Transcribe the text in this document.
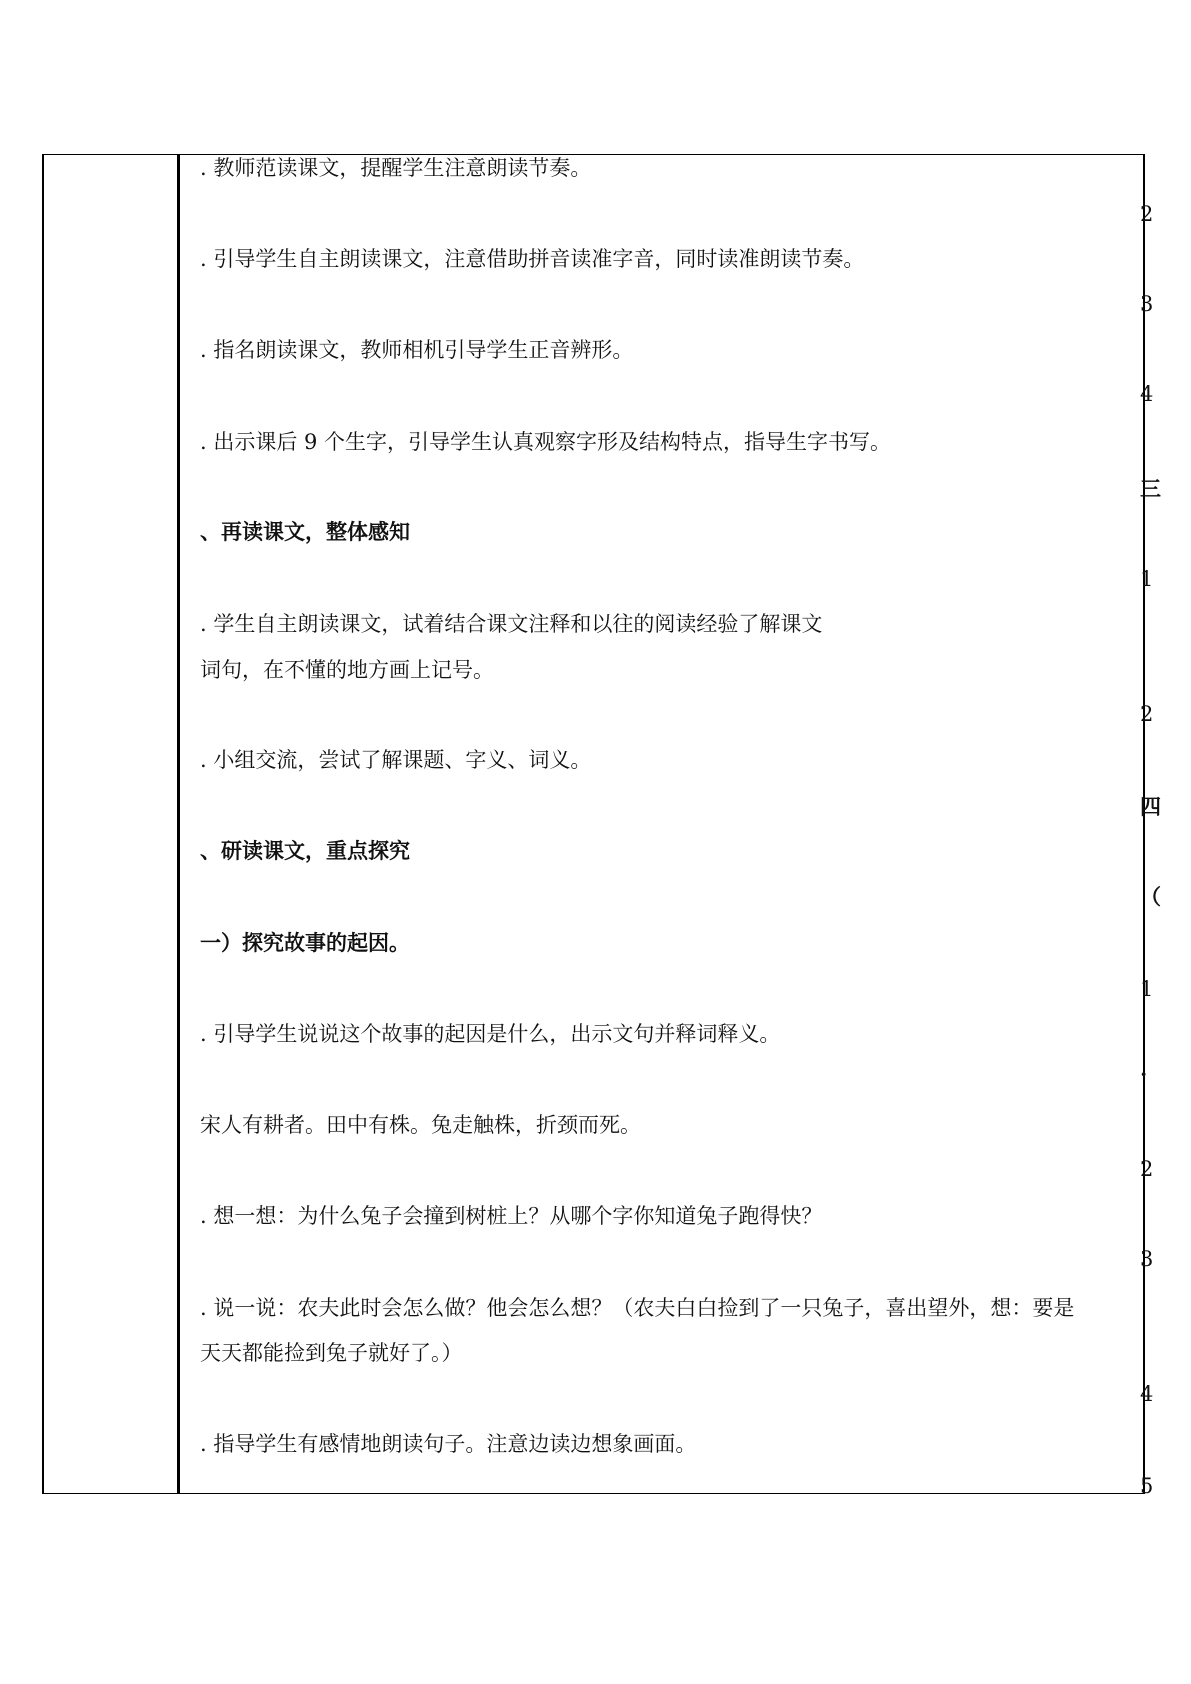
. 教师范读课文，提醒学生注意朗读节奏。
. 引导学生自主朗读课文，注意借助拼音读准字音，同时读准朗读节奏。
. 指名朗读课文，教师相机引导学生正音辨形。
. 出示课后 9 个生字，引导学生认真观察字形及结构特点，指导生字书写。
、再读课文，整体感知
. 学生自主朗读课文，试着结合课文注释和以往的阅读经验了解课文
词句，在不懂的地方画上记号。
. 小组交流，尝试了解课题、字义、词义。
、研读课文，重点探究
一）探究故事的起因。
. 引导学生说说这个故事的起因是什么，出示文句并释词释义。
宋人有耕者。田中有株。兔走触株，折颈而死。
. 想一想：为什么兔子会撞到树桩上？从哪个字你知道兔子跑得快？
. 说一说：农夫此时会怎么做？他会怎么想？（农夫白白捡到了一只兔子，喜出望外，想：要是
天天都能捡到兔子就好了。）
. 指导学生有感情地朗读句子。注意边读边想象画面。
2
3
4
三
1
2
四
（
1
.
2
3
4
5
